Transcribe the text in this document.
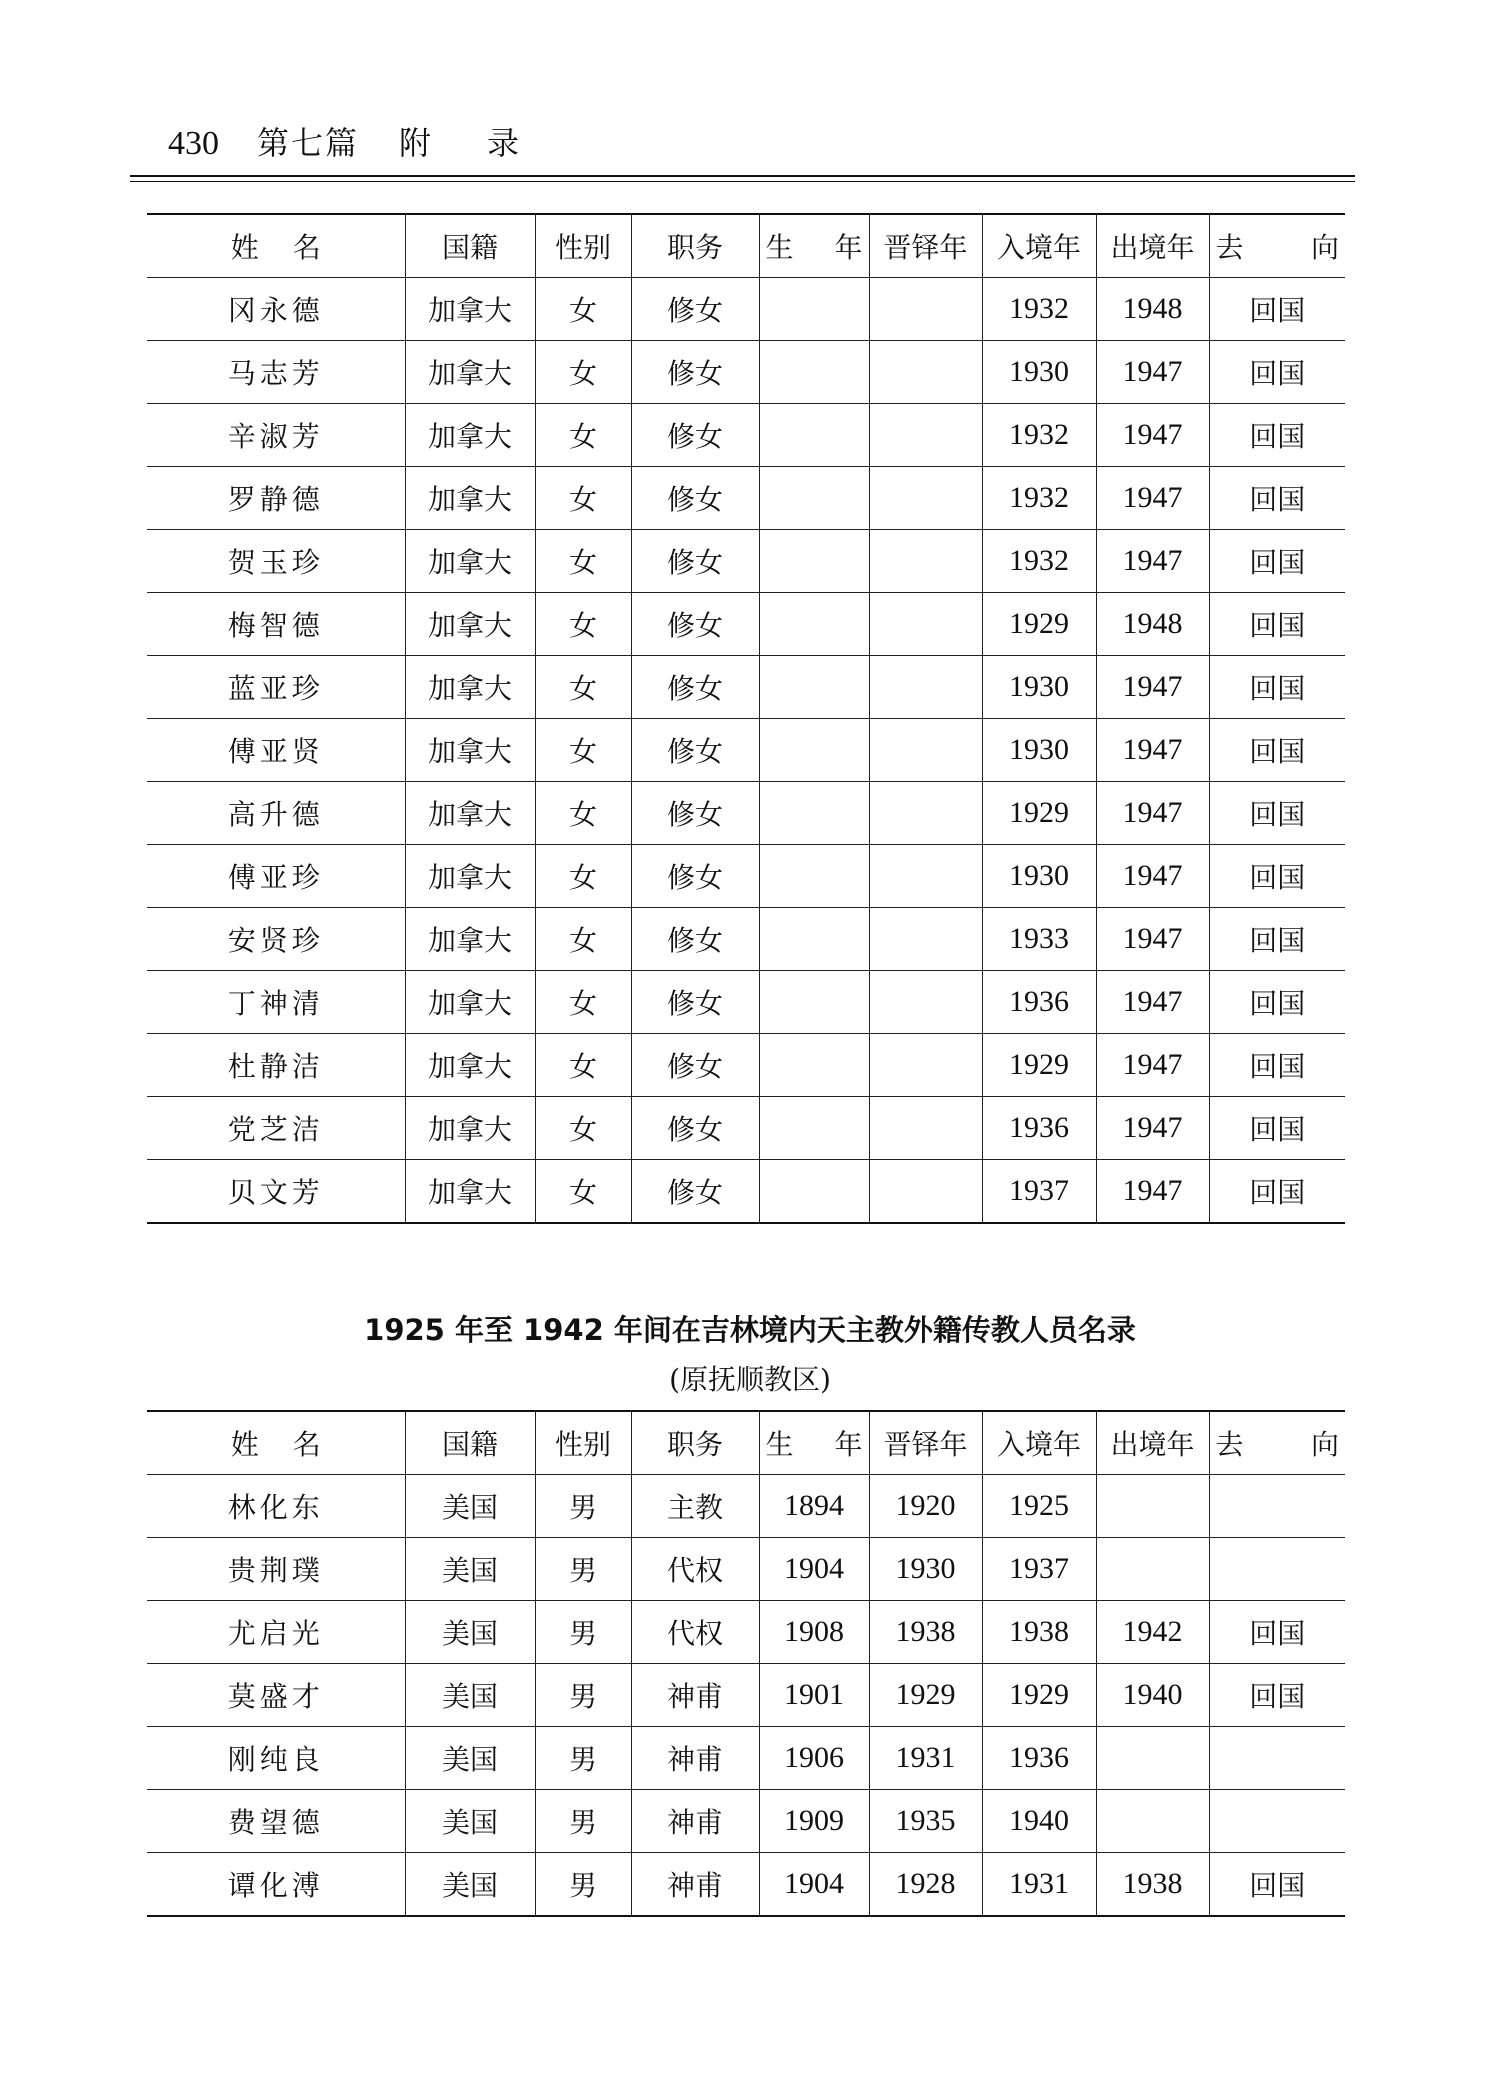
430 第七篇 附 录
姓 名	国籍	性别	职务	生 年	晋铎年	入境年	出境年	去 向

冈永德	加拿大	女	修女			1932	1948	回国
马志芳	加拿大	女	修女			1930	1947	回国
辛淑芳	加拿大	女	修女			1932	1947	回国
罗静德	加拿大	女	修女			1932	1947	回国
贺玉珍	加拿大	女	修女			1932	1947	回国
梅智德	加拿大	女	修女			1929	1948	回国
蓝亚珍	加拿大	女	修女			1930	1947	回国
傅亚贤	加拿大	女	修女			1930	1947	回国
高升德	加拿大	女	修女			1929	1947	回国
傅亚珍	加拿大	女	修女			1930	1947	回国
安贤珍	加拿大	女	修女			1933	1947	回国
丁神清	加拿大	女	修女			1936	1947	回国
杜静洁	加拿大	女	修女			1929	1947	回国
党芝洁	加拿大	女	修女			1936	1947	回国
贝文芳	加拿大	女	修女			1937	1947	回国
1925 年至 1942 年间在吉林境内天主教外籍传教人员名录
(原抚顺教区)
姓 名	国籍	性别	职务	生 年	晋铎年	入境年	出境年	去 向

林化东	美国	男	主教	1894	1920	1925		
贵荆璞	美国	男	代权	1904	1930	1937		
尤启光	美国	男	代权	1908	1938	1938	1942	回国
莫盛才	美国	男	神甫	1901	1929	1929	1940	回国
刚纯良	美国	男	神甫	1906	1931	1936		
费望德	美国	男	神甫	1909	1935	1940		
谭化溥	美国	男	神甫	1904	1928	1931	1938	回国
